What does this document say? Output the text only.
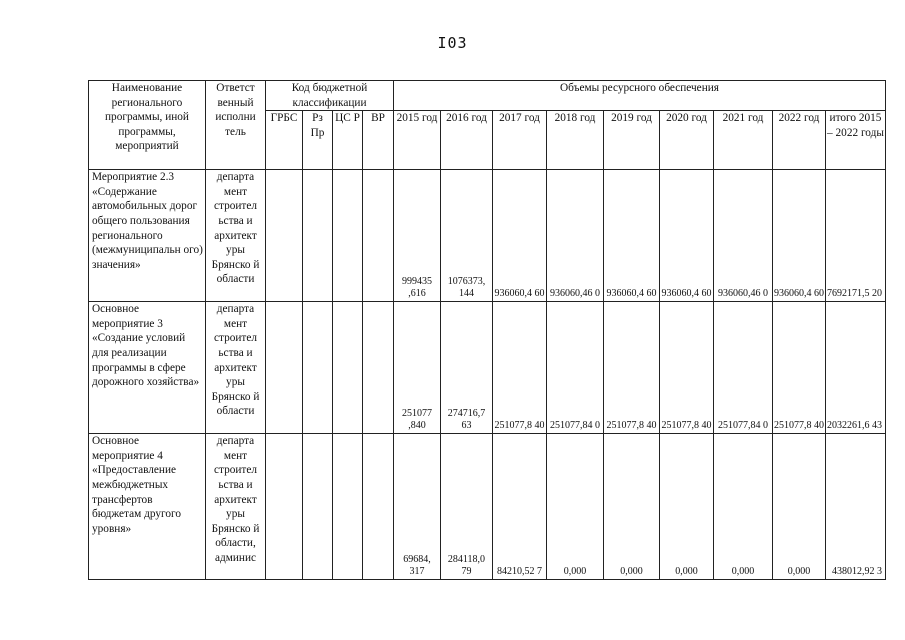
I03
Наименование регионального программы, иной программы, мероприятий	Ответст венный исполни тель	Код бюджетной классификации				Объемы ресурсного обеспечения								
		ГРБС	Рз Пр	ЦС Р	ВР	2015 год	2016 год	2017 год	2018 год	2019 год	2020 год	2021 год	2022 год	итого 2015 – 2022 годы
Мероприятие 2.3 «Содержание автомобильных дорог общего пользования регионального (межмуниципальн ого) значения»	департа мент строител ьства и архитект уры Брянско й области					999435 ,616	1076373, 144	936060,4 60	936060,46 0	936060,4 60	936060,4 60	936060,46 0	936060,4 60	7692171,5 20
Основное мероприятие 3 «Создание условий для реализации программы в сфере дорожного хозяйства»	департа мент строител ьства и архитект уры Брянско й области					251077 ,840	274716,7 63	251077,8 40	251077,84 0	251077,8 40	251077,8 40	251077,84 0	251077,8 40	2032261,6 43
Основное мероприятие 4 «Предоставление межбюджетных трансфертов бюджетам другого уровня»	департа мент строител ьства и архитект уры Брянско й области, админис					69684, 317	284118,0 79	84210,52 7	0,000	0,000	0,000	0,000	0,000	438012,92 3
